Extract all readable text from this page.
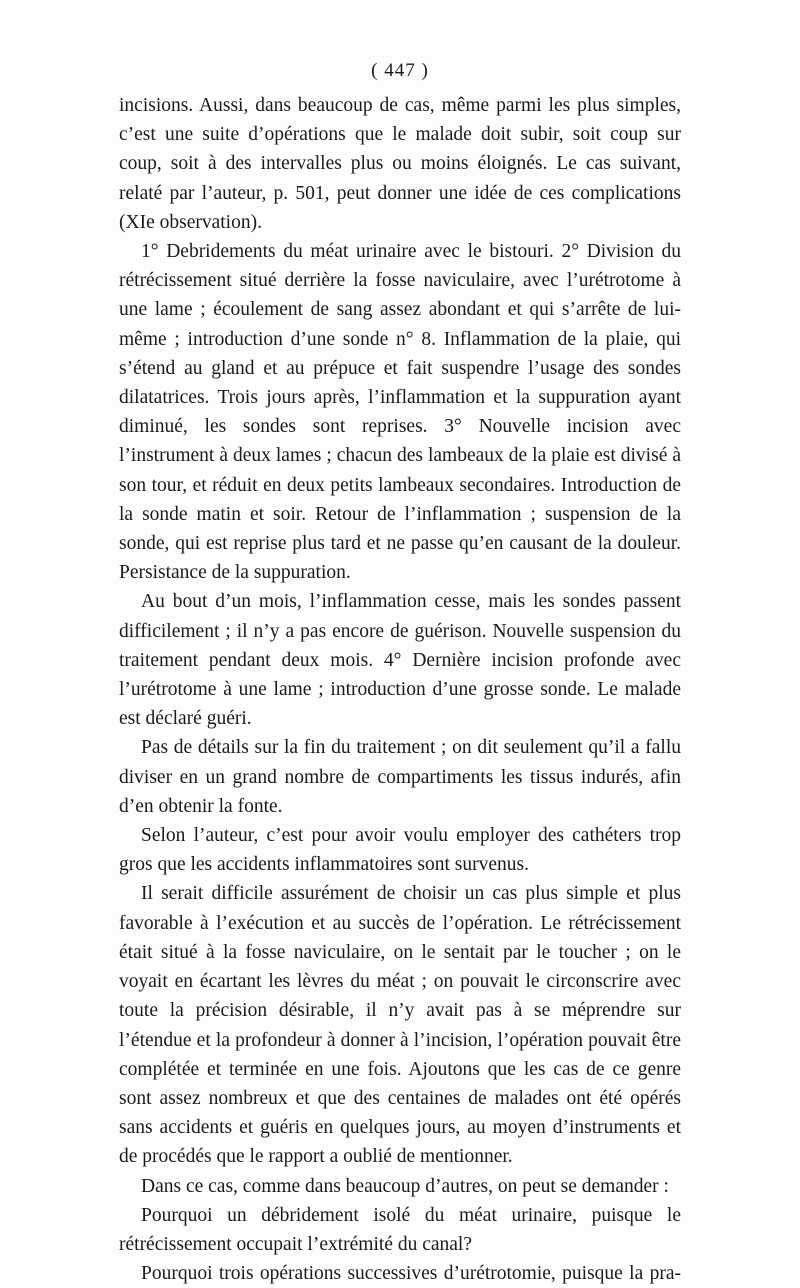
( 447 )

incisions. Aussi, dans beaucoup de cas, même parmi les plus simples, c’est une suite d’opérations que le malade doit subir, soit coup sur coup, soit à des intervalles plus ou moins éloignés. Le cas suivant, relaté par l’auteur, p. 501, peut donner une idée de ces complications (XIe observation).

1° Debridements du méat urinaire avec le bistouri. 2° Division du rétrécissement situé derrière la fosse naviculaire, avec l’urétrotome à une lame ; écoulement de sang assez abondant et qui s’arrête de lui-même ; introduction d’une sonde n° 8. Inflammation de la plaie, qui s’étend au gland et au prépuce et fait suspendre l’usage des sondes dilatatrices. Trois jours après, l’inflammation et la suppuration ayant diminué, les sondes sont reprises. 3° Nouvelle incision avec l’instrument à deux lames ; chacun des lambeaux de la plaie est divisé à son tour, et réduit en deux petits lambeaux secondaires. Introduction de la sonde matin et soir. Retour de l’inflammation ; suspension de la sonde, qui est reprise plus tard et ne passe qu’en causant de la douleur. Persistance de la suppuration.

Au bout d’un mois, l’inflammation cesse, mais les sondes passent difficilement ; il n’y a pas encore de guérison. Nouvelle suspension du traitement pendant deux mois. 4° Dernière incision profonde avec l’urétrotome à une lame ; introduction d’une grosse sonde. Le malade est déclaré guéri.

Pas de détails sur la fin du traitement ; on dit seulement qu’il a fallu diviser en un grand nombre de compartiments les tissus indurés, afin d’en obtenir la fonte.

Selon l’auteur, c’est pour avoir voulu employer des cathéters trop gros que les accidents inflammatoires sont survenus.

Il serait difficile assurément de choisir un cas plus simple et plus favorable à l’exécution et au succès de l’opération. Le rétrécissement était situé à la fosse naviculaire, on le sentait par le toucher ; on le voyait en écartant les lèvres du méat ; on pouvait le circonscrire avec toute la précision désirable, il n’y avait pas à se méprendre sur l’étendue et la profondeur à donner à l’incision, l’opération pouvait être complétée et terminée en une fois. Ajoutons que les cas de ce genre sont assez nombreux et que des centaines de malades ont été opérés sans accidents et guéris en quelques jours, au moyen d’instruments et de procédés que le rapport a oublié de mentionner.

Dans ce cas, comme dans beaucoup d’autres, on peut se demander :

Pourquoi un débridement isolé du méat urinaire, puisque le rétrécissement occupait l’extrémité du canal?

Pourquoi trois opérations successives d’urétrotomie, puisque la pra-
